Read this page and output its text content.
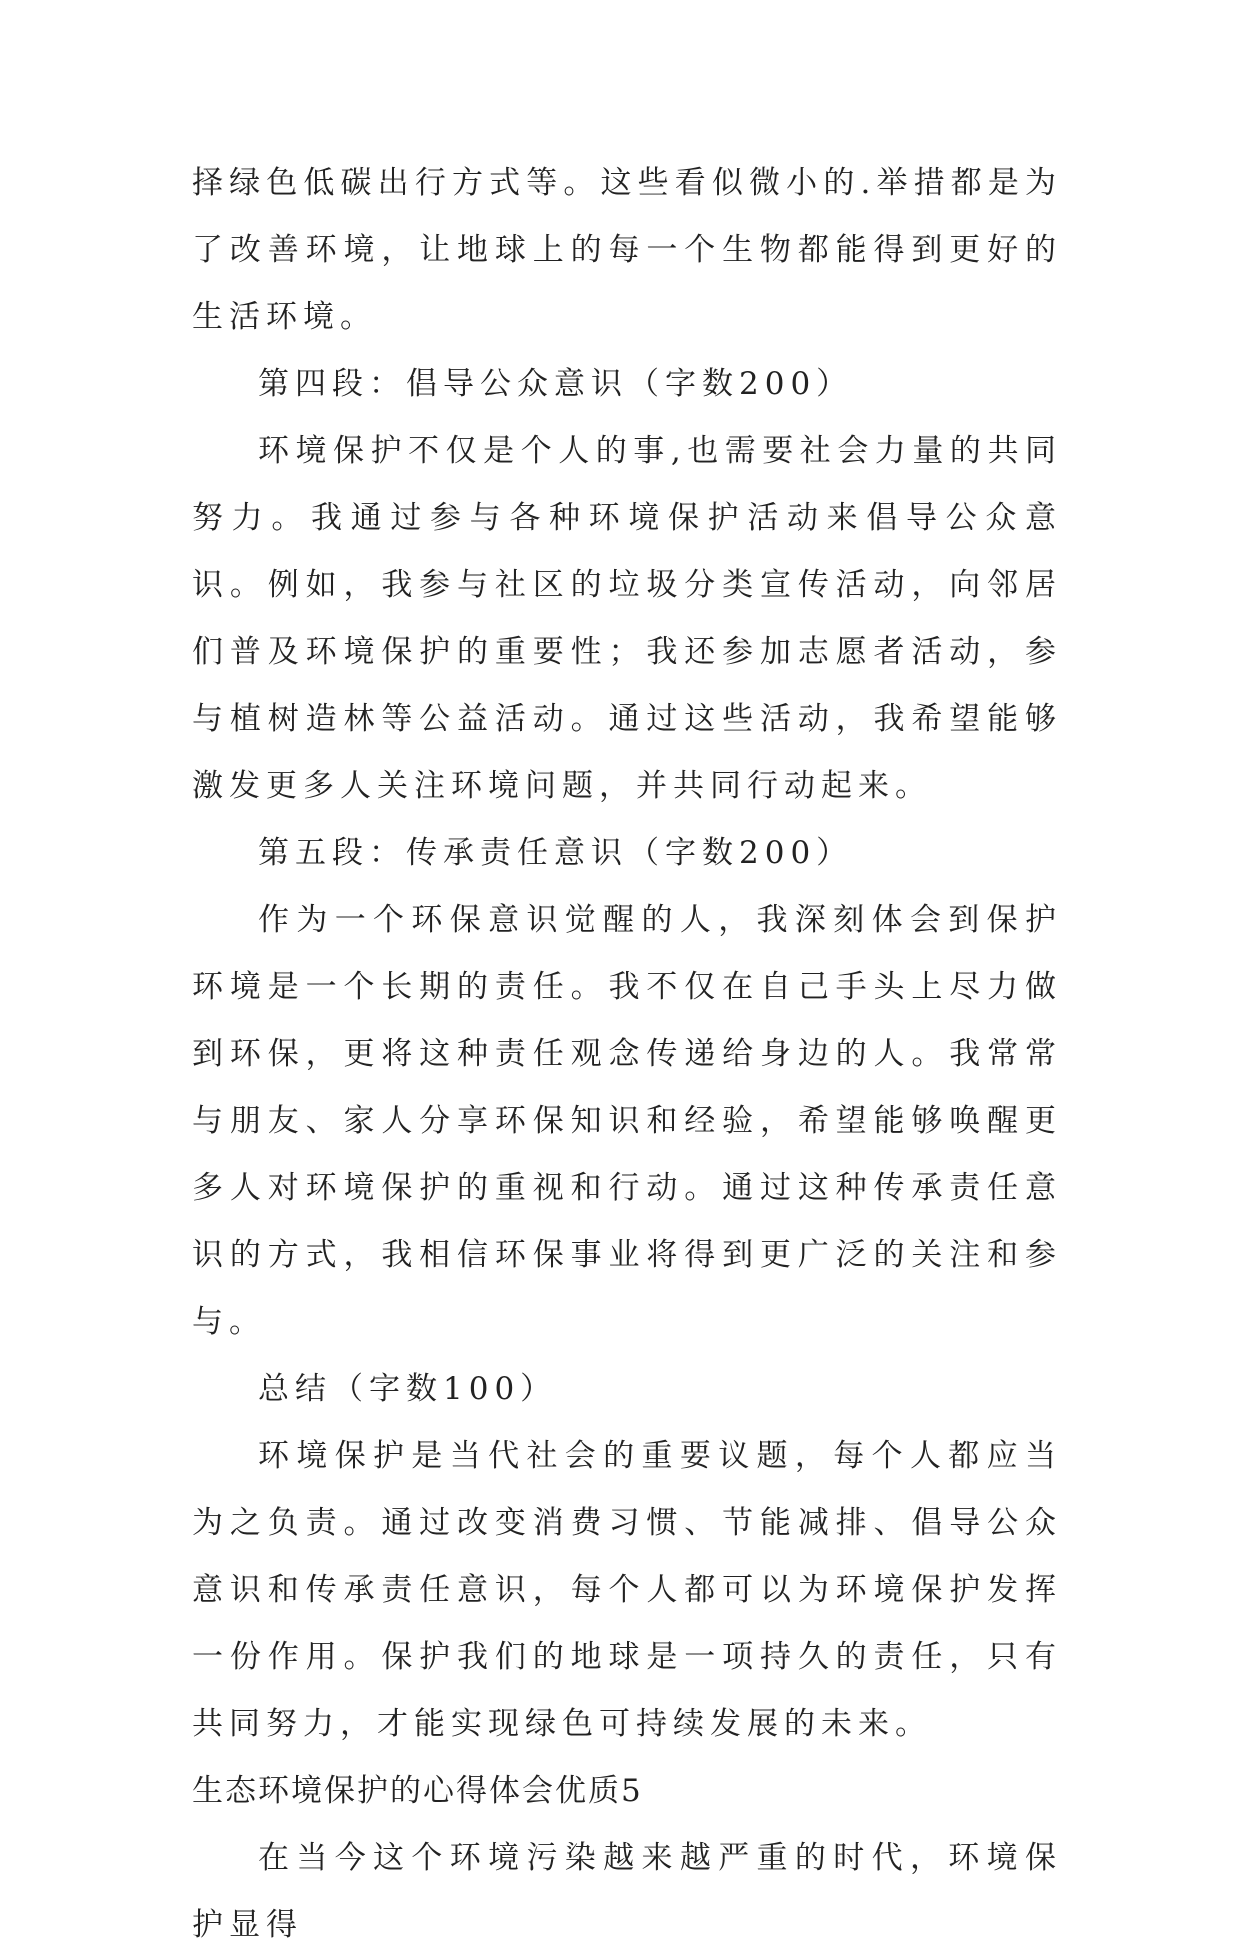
择绿色低碳出行方式等。这些看似微小的.举措都是为了改善环境，让地球上的每一个生物都能得到更好的生活环境。

第四段：倡导公众意识（字数200）

环境保护不仅是个人的事,也需要社会力量的共同努力。我通过参与各种环境保护活动来倡导公众意识。例如，我参与社区的垃圾分类宣传活动，向邻居们普及环境保护的重要性；我还参加志愿者活动，参与植树造林等公益活动。通过这些活动，我希望能够激发更多人关注环境问题，并共同行动起来。

第五段：传承责任意识（字数200）

作为一个环保意识觉醒的人，我深刻体会到保护环境是一个长期的责任。我不仅在自己手头上尽力做到环保，更将这种责任观念传递给身边的人。我常常与朋友、家人分享环保知识和经验，希望能够唤醒更多人对环境保护的重视和行动。通过这种传承责任意识的方式，我相信环保事业将得到更广泛的关注和参与。

总结（字数100）

环境保护是当代社会的重要议题，每个人都应当为之负责。通过改变消费习惯、节能减排、倡导公众意识和传承责任意识，每个人都可以为环境保护发挥一份作用。保护我们的地球是一项持久的责任，只有共同努力，才能实现绿色可持续发展的未来。

生态环境保护的心得体会优质5

在当今这个环境污染越来越严重的时代，环境保护显得
